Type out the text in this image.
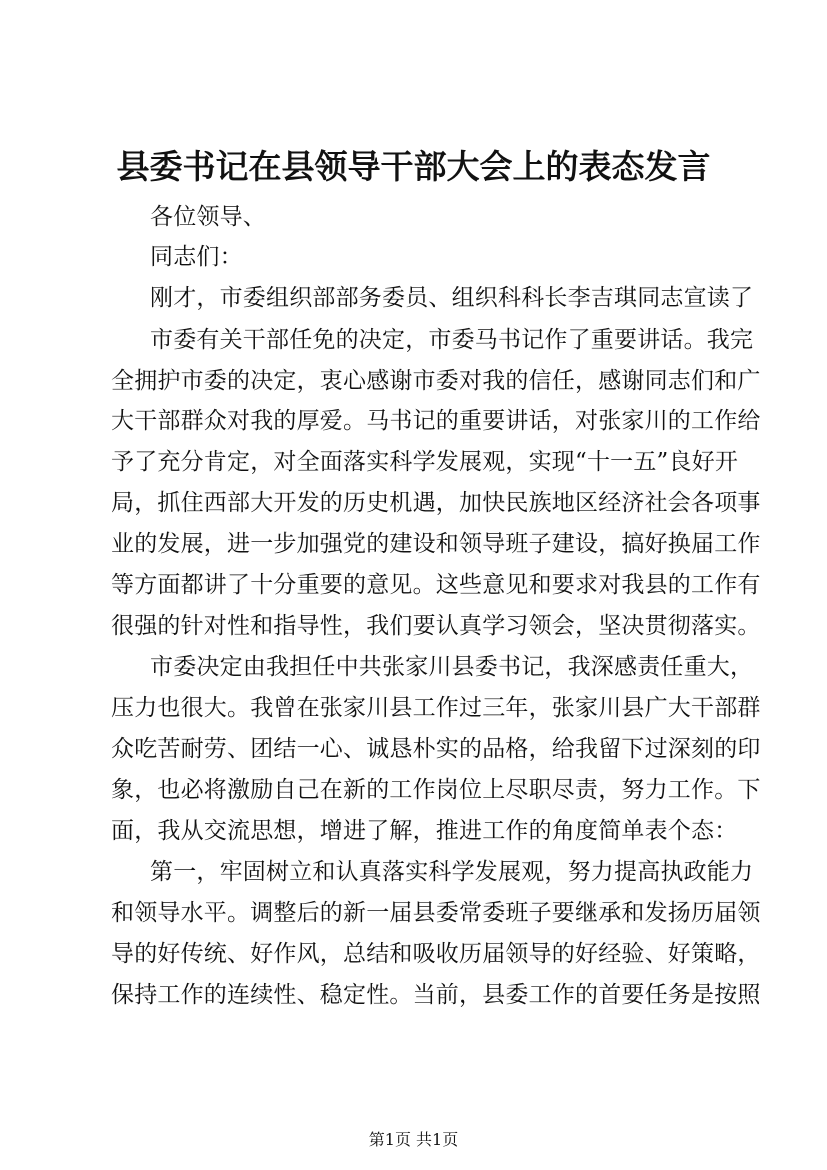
县委书记在县领导干部大会上的表态发言
各位领导、
同志们：
刚才，市委组织部部务委员、组织科科长李吉琪同志宣读了
市委有关干部任免的决定，市委马书记作了重要讲话。我完
全拥护市委的决定，衷心感谢市委对我的信任，感谢同志们和广
大干部群众对我的厚爱。马书记的重要讲话，对张家川的工作给
予了充分肯定，对全面落实科学发展观，实现“十一五”良好开
局，抓住西部大开发的历史机遇，加快民族地区经济社会各项事
业的发展，进一步加强党的建设和领导班子建设，搞好换届工作
等方面都讲了十分重要的意见。这些意见和要求对我县的工作有
很强的针对性和指导性，我们要认真学习领会，坚决贯彻落实。
市委决定由我担任中共张家川县委书记，我深感责任重大，
压力也很大。我曾在张家川县工作过三年，张家川县广大干部群
众吃苦耐劳、团结一心、诚恳朴实的品格，给我留下过深刻的印
象，也必将激励自己在新的工作岗位上尽职尽责，努力工作。下
面，我从交流思想，增进了解，推进工作的角度简单表个态：
第一，牢固树立和认真落实科学发展观，努力提高执政能力
和领导水平。调整后的新一届县委常委班子要继承和发扬历届领
导的好传统、好作风，总结和吸收历届领导的好经验、好策略，
保持工作的连续性、稳定性。当前，县委工作的首要任务是按照
第1页 共1页
